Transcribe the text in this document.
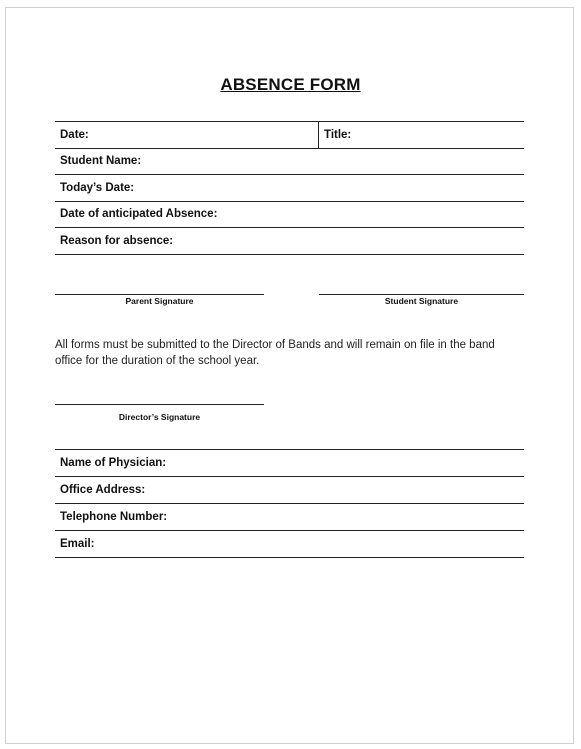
ABSENCE FORM
Date:	Title:
Student Name:
Today’s Date:
Date of anticipated Absence:
Reason for absence:
Parent Signature	Student Signature
All forms must be submitted to the Director of Bands and will remain on file in the band office for the duration of the school year.
Director’s Signature
Name of Physician:
Office Address:
Telephone Number:
Email:
